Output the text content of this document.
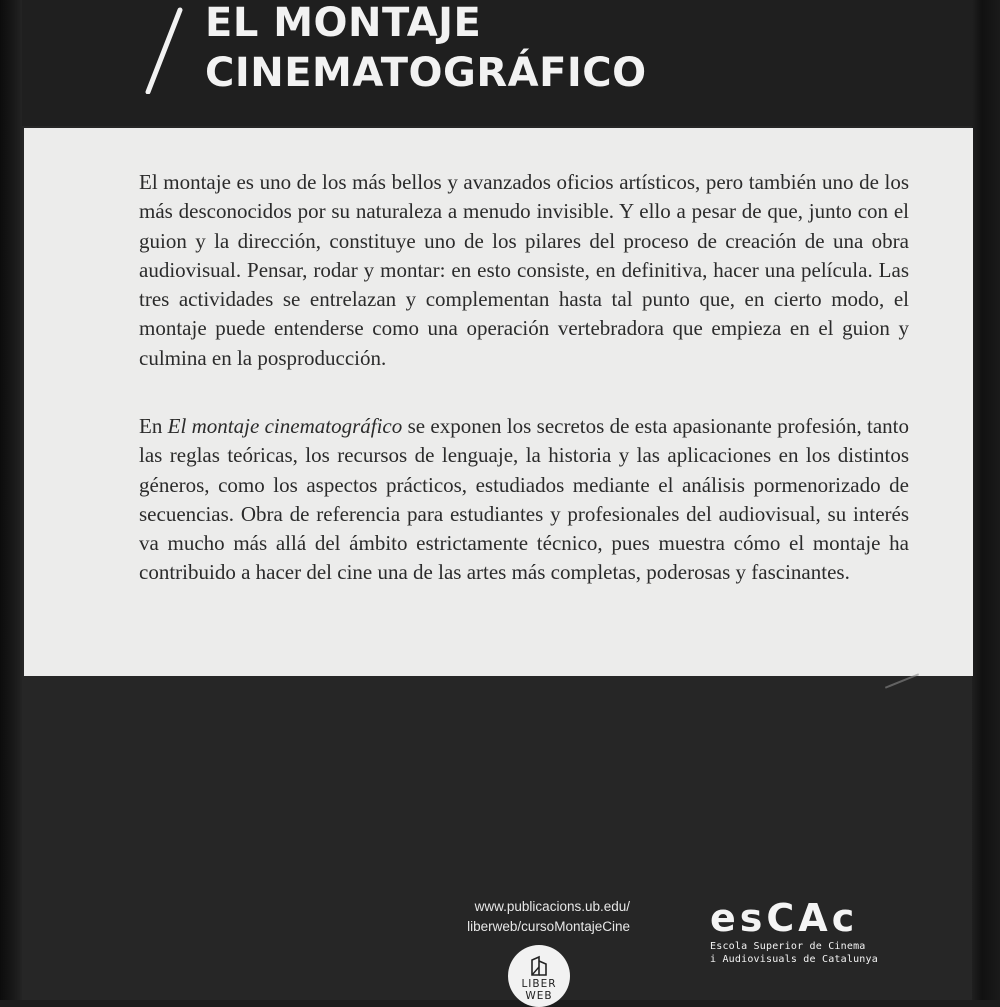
EL MONTAJE
CINEMATOGRÁFICO

El montaje es uno de los más bellos y avanzados oficios artísticos, pero también uno de los más desconocidos por su naturaleza a menudo invisible. Y ello a pesar de que, junto con el guion y la dirección, constituye uno de los pilares del proceso de creación de una obra audiovisual. Pensar, rodar y montar: en esto consiste, en definitiva, hacer una película. Las tres actividades se entrelazan y complementan hasta tal punto que, en cierto modo, el montaje puede entenderse como una operación vertebradora que empieza en el guion y culmina en la posproducción.

En El montaje cinematográfico se exponen los secretos de esta apasionante profesión, tanto las reglas teóricas, los recursos de lenguaje, la historia y las aplicaciones en los distintos géneros, como los aspectos prácticos, estudiados mediante el análisis pormenorizado de secuencias. Obra de referencia para estudiantes y profesionales del audiovisual, su interés va mucho más allá del ámbito estrictamente técnico, pues muestra cómo el montaje ha contribuido a hacer del cine una de las artes más completas, poderosas y fascinantes.

www.publicacions.ub.edu/
liberweb/cursoMontajeCine
LIBER
WEB
esCAc
Escola Superior de Cinema
i Audiovisuals de Catalunya
